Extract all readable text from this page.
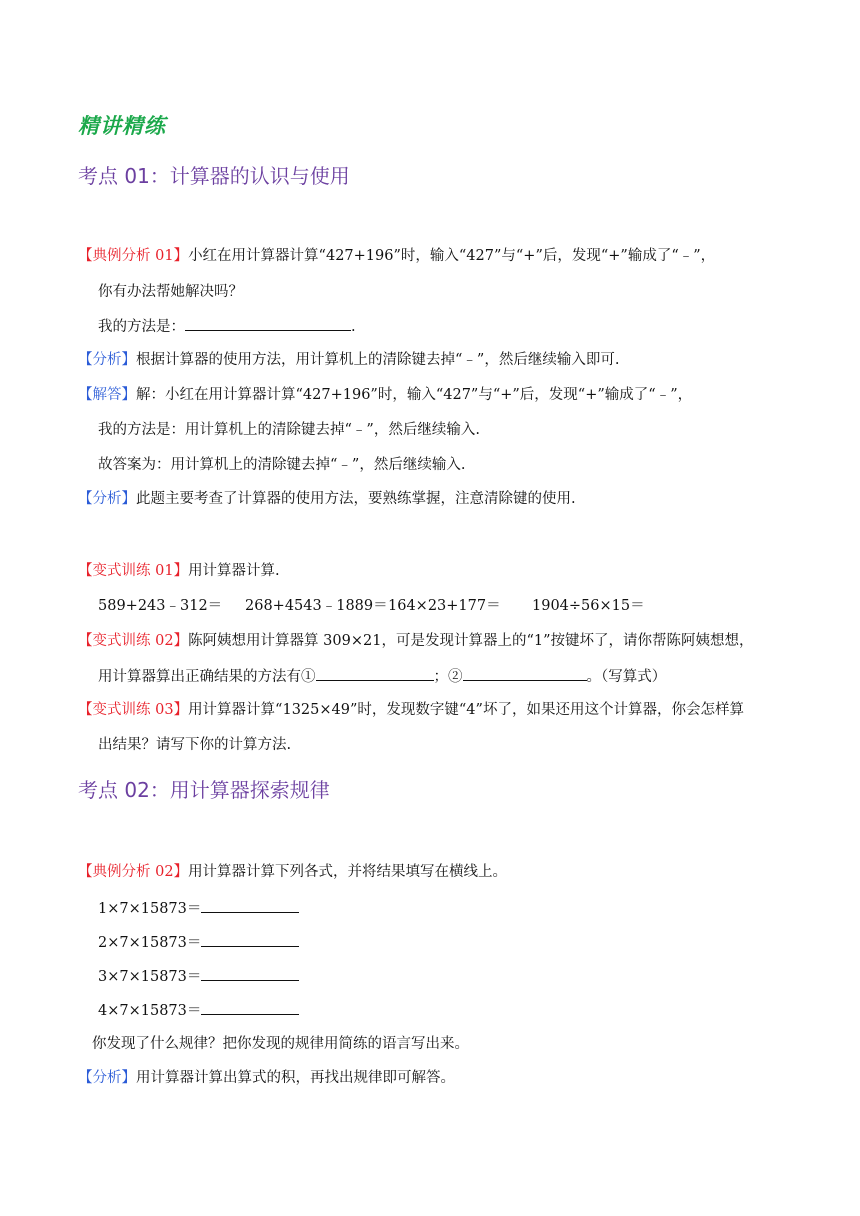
精讲精练
考点 01：计算器的认识与使用
【典例分析 01】小红在用计算器计算“427+196”时，输入“427”与“+”后，发现“+”输成了“﹣”，
你有办法帮她解决吗？
我的方法是：	.
【分析】根据计算器的使用方法，用计算机上的清除键去掉“﹣”，然后继续输入即可.
【解答】解：小红在用计算器计算“427+196”时，输入“427”与“+”后，发现“+”输成了“﹣”，
我的方法是：用计算机上的清除键去掉“﹣”，然后继续输入.
故答案为：用计算机上的清除键去掉“﹣”，然后继续输入.
【分析】此题主要考查了计算器的使用方法，要熟练掌握，注意清除键的使用.
【变式训练 01】用计算器计算.
589+243﹣312＝ 268+4543﹣1889＝ 164×23+177＝ 1904÷56×15＝
【变式训练 02】陈阿姨想用计算器算 309×21，可是发现计算器上的“1”按键坏了，请你帮陈阿姨想想，
用计算器算出正确结果的方法有①	；②	。（写算式）
【变式训练 03】用计算器计算“1325×49”时，发现数字键“4”坏了，如果还用这个计算器，你会怎样算
出结果？请写下你的计算方法.
考点 02：用计算器探索规律
【典例分析 02】用计算器计算下列各式，并将结果填写在横线上。
1×7×15873＝
2×7×15873＝
3×7×15873＝
4×7×15873＝
你发现了什么规律？把你发现的规律用简练的语言写出来。
【分析】用计算器计算出算式的积，再找出规律即可解答。
